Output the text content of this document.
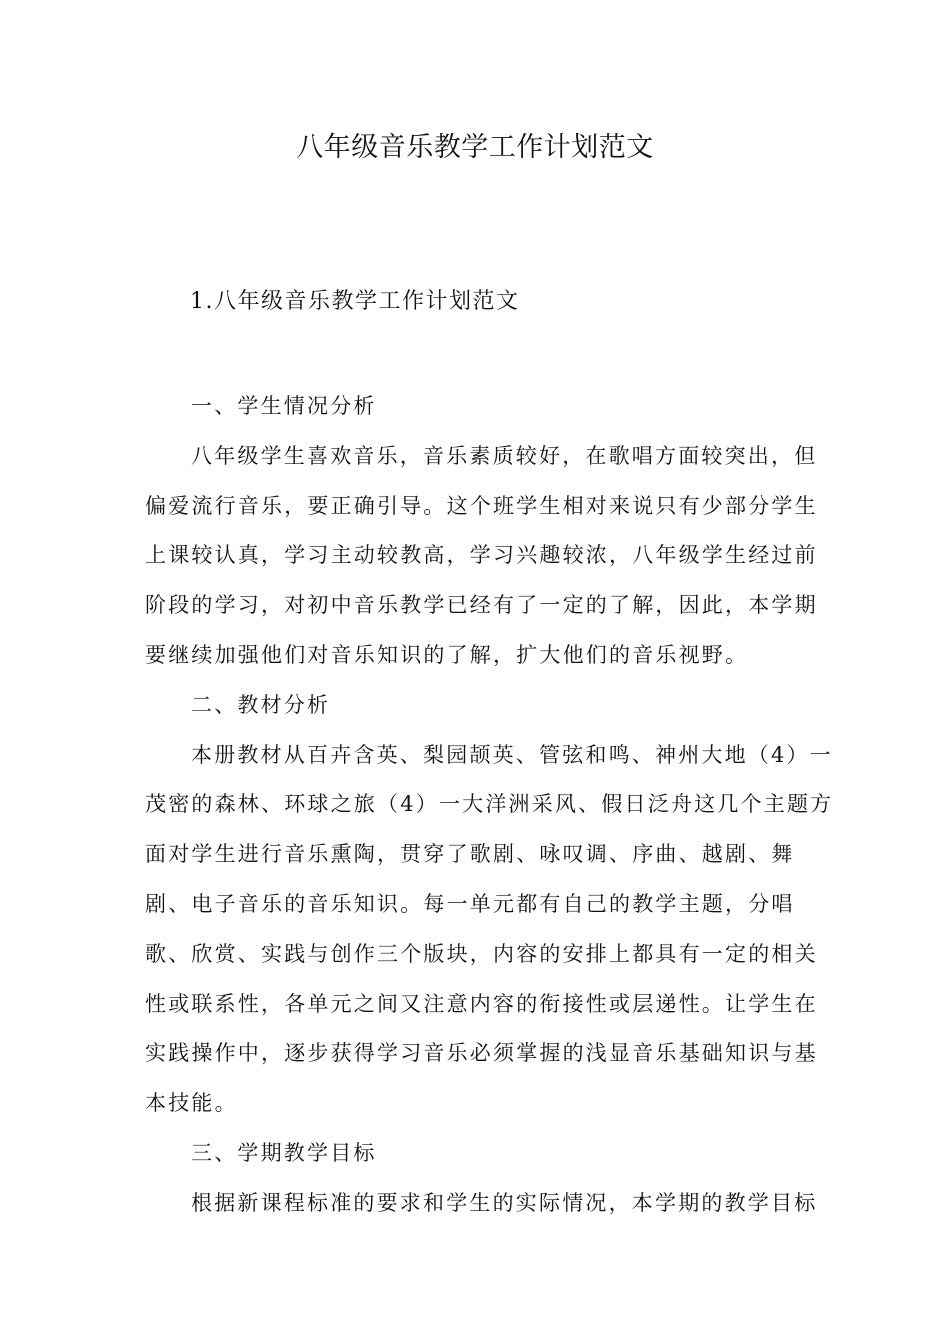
八年级音乐教学工作计划范文
1.八年级音乐教学工作计划范文
一、学生情况分析
八年级学生喜欢音乐，音乐素质较好，在歌唱方面较突出，但
偏爱流行音乐，要正确引导。这个班学生相对来说只有少部分学生
上课较认真，学习主动较教高，学习兴趣较浓，八年级学生经过前
阶段的学习，对初中音乐教学已经有了一定的了解，因此，本学期
要继续加强他们对音乐知识的了解，扩大他们的音乐视野。
二、教材分析
本册教材从百卉含英、梨园颉英、管弦和鸣、神州大地（4）一
茂密的森林、环球之旅（4）一大洋洲采风、假日泛舟这几个主题方
面对学生进行音乐熏陶，贯穿了歌剧、咏叹调、序曲、越剧、舞
剧、电子音乐的音乐知识。每一单元都有自己的教学主题，分唱
歌、欣赏、实践与创作三个版块，内容的安排上都具有一定的相关
性或联系性，各单元之间又注意内容的衔接性或层递性。让学生在
实践操作中，逐步获得学习音乐必须掌握的浅显音乐基础知识与基
本技能。
三、学期教学目标
根据新课程标准的要求和学生的实际情况，本学期的教学目标
